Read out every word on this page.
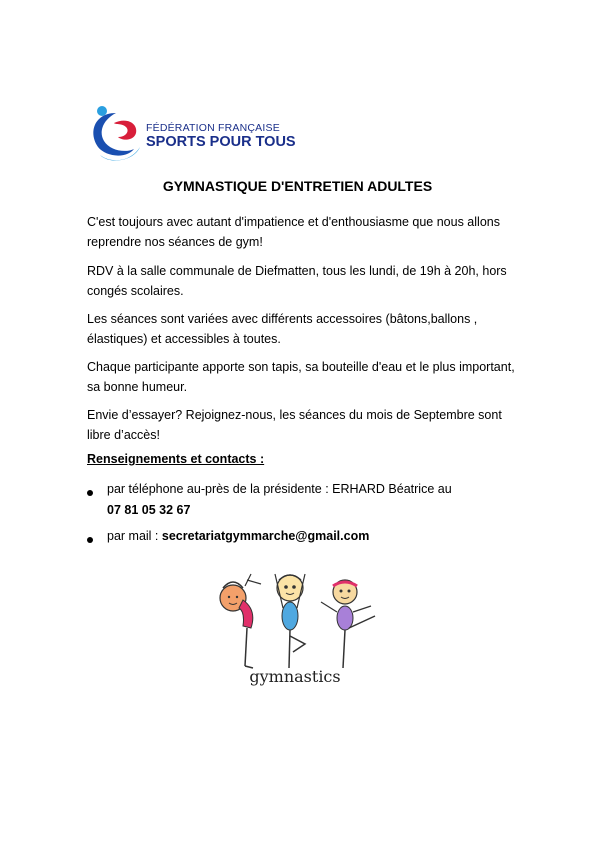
FÉDÉRATION FRANÇAISE
SPORTS POUR TOUS
GYMNASTIQUE D'ENTRETIEN ADULTES
C'est toujours avec autant d'impatience et d'enthousiasme que nous allons reprendre nos séances de gym!
RDV à la salle communale de Diefmatten, tous les lundi, de 19h à 20h, hors congés scolaires.
Les séances sont variées avec différents accessoires (bâtons,ballons , élastiques) et accessibles à toutes.
Chaque participante apporte son tapis, sa bouteille d'eau et le plus important, sa bonne humeur.
Envie d’essayer? Rejoignez-nous, les séances du mois de Septembre sont libre d’accès!
Renseignements et contacts :
par téléphone au-près de la présidente : ERHARD Béatrice au
07 81 05 32 67
par mail : secretariatgymmarche@gmail.com
gymnastics
